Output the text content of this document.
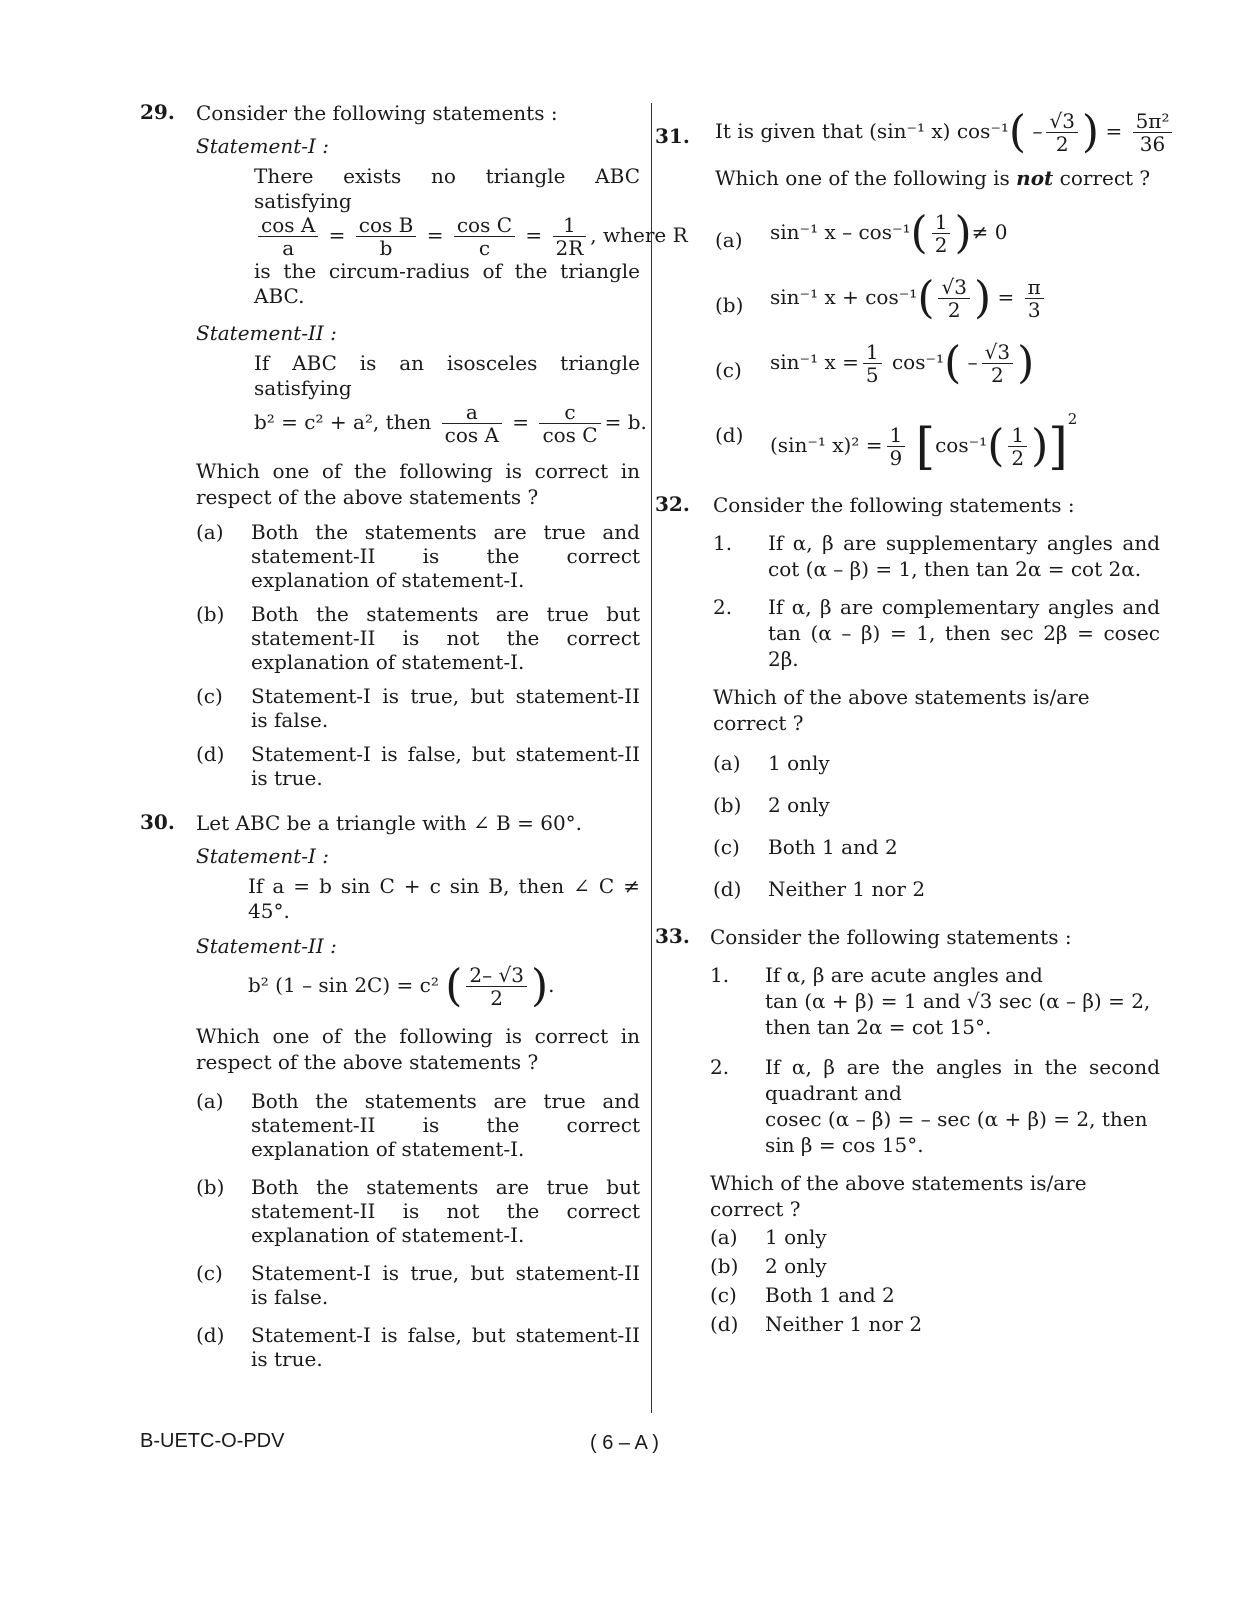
29. Consider the following statements :
Statement-I :
There exists no triangle ABC satisfying
$\frac{\text{cos A}}{a} = \frac{\text{cos B}}{b} = \frac{\text{cos C}}{c} = \frac{1}{2R}$ , where R
is the circum-radius of the triangle ABC.
Statement-II :
If ABC is an isosceles triangle satisfying
b² = c² + a², then $\frac{a}{\text{cos A}} = \frac{c}{\text{cos C}} = b$.
Which one of the following is correct in respect of the above statements ?
(a) Both the statements are true and statement-II is the correct explanation of statement-I.
(b) Both the statements are true but statement-II is not the correct explanation of statement-I.
(c) Statement-I is true, but statement-II is false.
(d) Statement-I is false, but statement-II is true.
30. Let ABC be a triangle with ∠ B = 60°.
Statement-I :
If a = b sin C + c sin B, then ∠ C ≠ 45°.
Statement-II :
b² (1 – sin 2C) = c² ( $\frac{2- √3}{2}$ ).
Which one of the following is correct in respect of the above statements ?
(a) Both the statements are true and statement-II is the correct explanation of statement-I.
(b) Both the statements are true but statement-II is not the correct explanation of statement-I.
(c) Statement-I is true, but statement-II is false.
(d) Statement-I is false, but statement-II is true.
31. It is given that (sin⁻¹ x) $\cos^{-1}( - \frac{√3}{2}$ ) = $\frac{\text{5π²}}{36}$
Which one of the following is not correct ?
(a) sin⁻¹ x – $\cos^{-1}( \frac{1}{2}$ )≠ 0
(b) sin⁻¹ $x + \cos^{-1}( \frac{√3}{2}$ ) = $\frac{\pi}{3}$
(c) sin⁻¹ $x = \frac{1}{5} \cos^{-1}( - \frac{√3}{2}$ )
(d) (sin⁻¹ $x)^2 = \frac{1}{9} [\cos^{-1}( \frac{1}{2} )]^2$
32. Consider the following statements :
1. If α, β are supplementary angles and cot (α – β) = 1, then tan 2α = cot 2α.
2. If α, β are complementary angles and tan (α – β) = 1, then sec 2β = cosec 2β.
Which of the above statements is/are correct ?
(a) 1 only
(b) 2 only
(c) Both 1 and 2
(d) Neither 1 nor 2
33. Consider the following statements :
1. If α, β are acute angles and
tan (α + β) = 1 and √3 sec (α – β) = 2,
then tan 2α = cot 15°.
2. If α, β are the angles in the second quadrant and
cosec (α – β) = – sec (α + β) = 2, then
sin β = cos 15°.
Which of the above statements is/are correct ?
(a) 1 only
(b) 2 only
(c) Both 1 and 2
(d) Neither 1 nor 2
B-UETC-O-PDV	( 6 – A )
